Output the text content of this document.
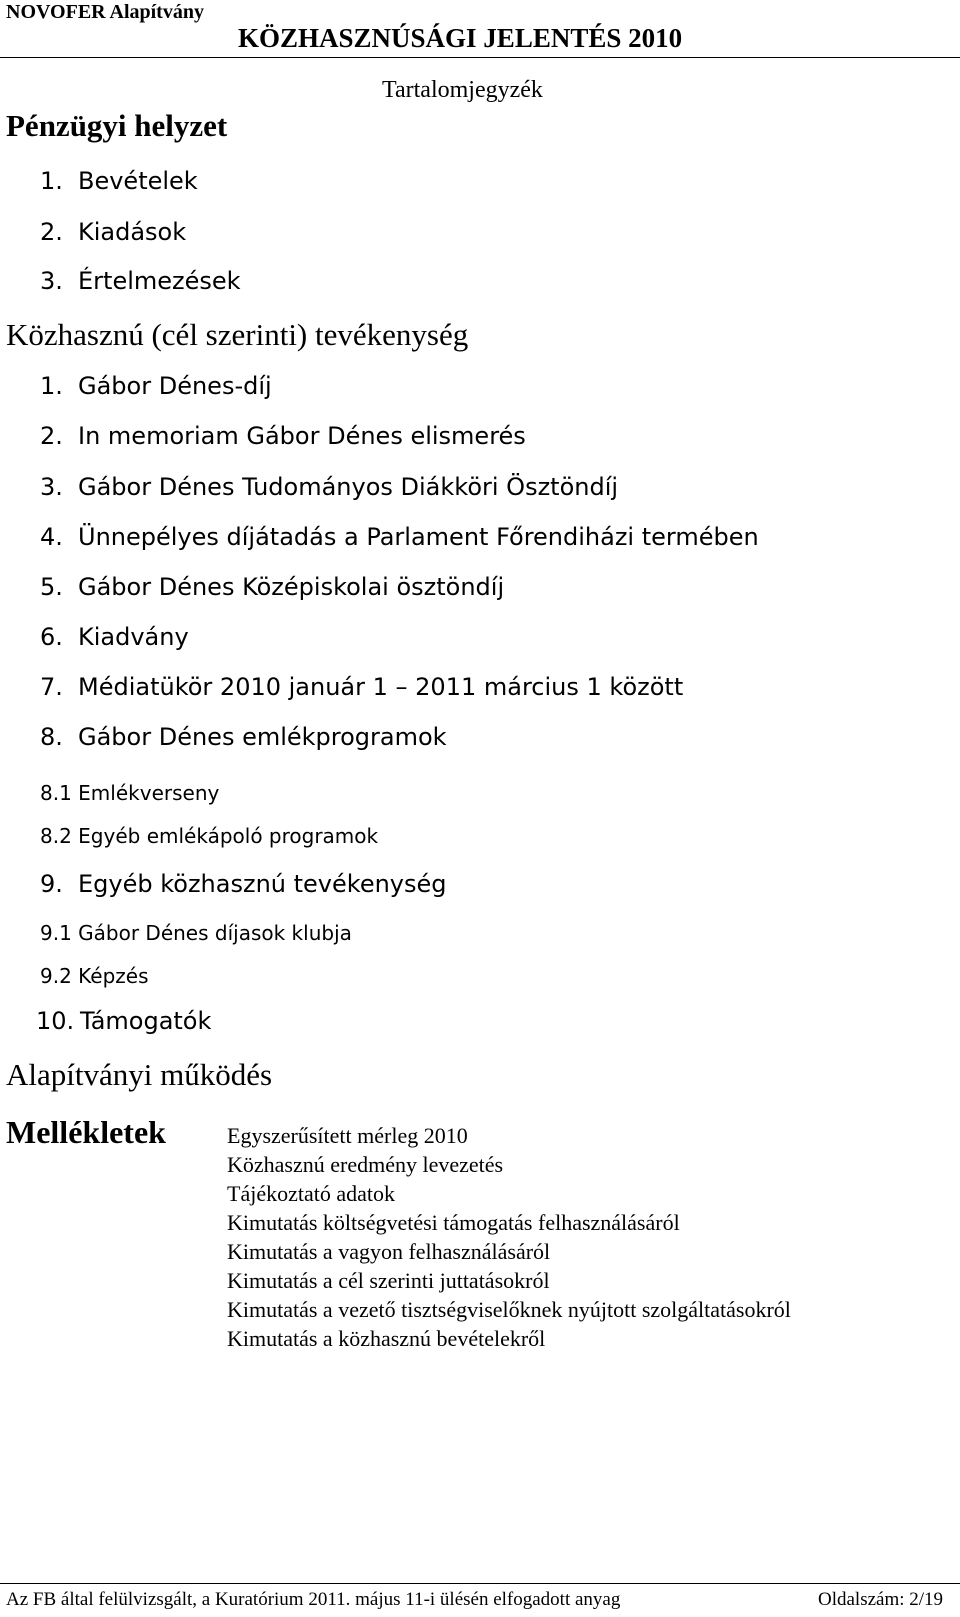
NOVOFER Alapítvány
KÖZHASZNÚSÁGI JELENTÉS 2010
Tartalomjegyzék
Pénzügyi helyzet
1. Bevételek
2. Kiadások
3. Értelmezések
Közhasznú (cél szerinti) tevékenység
1. Gábor Dénes-díj
2. In memoriam Gábor Dénes elismerés
3. Gábor Dénes Tudományos Diákköri Ösztöndíj
4. Ünnepélyes díjátadás a Parlament Főrendiházi termében
5. Gábor Dénes Középiskolai ösztöndíj
6. Kiadvány
7. Médiatükör 2010 január 1 – 2011 március 1 között
8. Gábor Dénes emlékprogramok
8.1 Emlékverseny
8.2 Egyéb emlékápoló programok
9. Egyéb közhasznú tevékenység
9.1 Gábor Dénes díjasok klubja
9.2 Képzés
10. Támogatók
Alapítványi működés
Mellékletek	Egyszerűsített mérleg 2010
Közhasznú eredmény levezetés
Tájékoztató adatok
Kimutatás költségvetési támogatás felhasználásáról
Kimutatás a vagyon felhasználásáról
Kimutatás a cél szerinti juttatásokról
Kimutatás a vezető tisztségviselőknek nyújtott szolgáltatásokról
Kimutatás a közhasznú bevételekről
Az FB által felülvizsgált, a Kuratórium 2011. május 11-i ülésén elfogadott anyag	Oldalszám: 2/19
